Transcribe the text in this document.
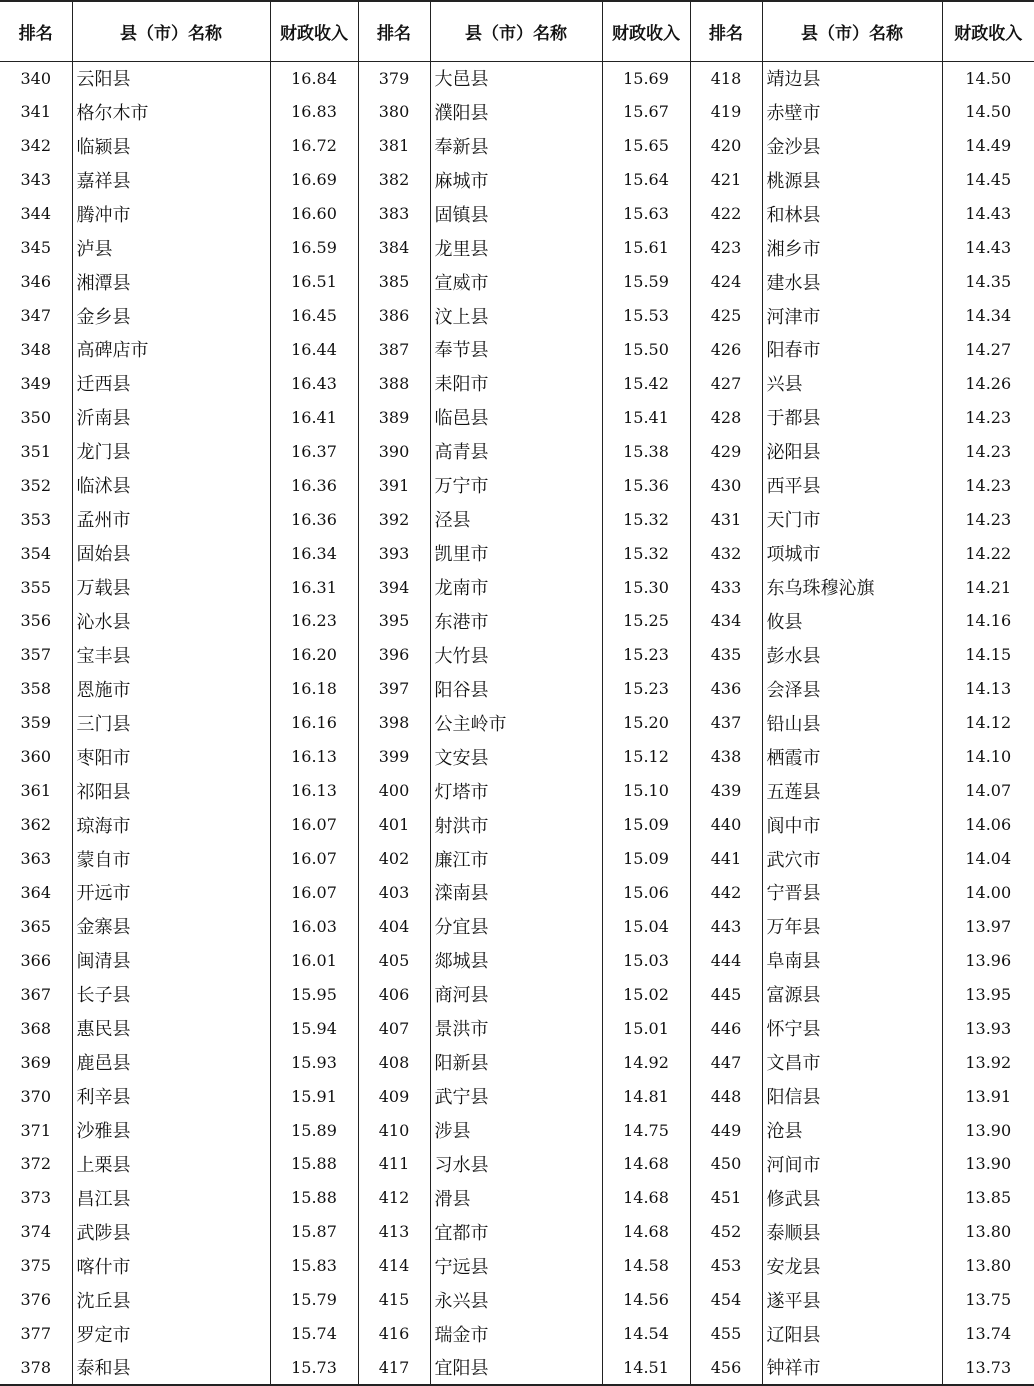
排名	县（市）名称	财政收入	排名	县（市）名称	财政收入	排名	县（市）名称	财政收入
340	云阳县	16.84	379	大邑县	15.69	418	靖边县	14.50
341	格尔木市	16.83	380	濮阳县	15.67	419	赤壁市	14.50
342	临颍县	16.72	381	奉新县	15.65	420	金沙县	14.49
343	嘉祥县	16.69	382	麻城市	15.64	421	桃源县	14.45
344	腾冲市	16.60	383	固镇县	15.63	422	和林县	14.43
345	泸县	16.59	384	龙里县	15.61	423	湘乡市	14.43
346	湘潭县	16.51	385	宣威市	15.59	424	建水县	14.35
347	金乡县	16.45	386	汶上县	15.53	425	河津市	14.34
348	高碑店市	16.44	387	奉节县	15.50	426	阳春市	14.27
349	迁西县	16.43	388	耒阳市	15.42	427	兴县	14.26
350	沂南县	16.41	389	临邑县	15.41	428	于都县	14.23
351	龙门县	16.37	390	高青县	15.38	429	泌阳县	14.23
352	临沭县	16.36	391	万宁市	15.36	430	西平县	14.23
353	孟州市	16.36	392	泾县	15.32	431	天门市	14.23
354	固始县	16.34	393	凯里市	15.32	432	项城市	14.22
355	万载县	16.31	394	龙南市	15.30	433	东乌珠穆沁旗	14.21
356	沁水县	16.23	395	东港市	15.25	434	攸县	14.16
357	宝丰县	16.20	396	大竹县	15.23	435	彭水县	14.15
358	恩施市	16.18	397	阳谷县	15.23	436	会泽县	14.13
359	三门县	16.16	398	公主岭市	15.20	437	铅山县	14.12
360	枣阳市	16.13	399	文安县	15.12	438	栖霞市	14.10
361	祁阳县	16.13	400	灯塔市	15.10	439	五莲县	14.07
362	琼海市	16.07	401	射洪市	15.09	440	阆中市	14.06
363	蒙自市	16.07	402	廉江市	15.09	441	武穴市	14.04
364	开远市	16.07	403	滦南县	15.06	442	宁晋县	14.00
365	金寨县	16.03	404	分宜县	15.04	443	万年县	13.97
366	闽清县	16.01	405	郯城县	15.03	444	阜南县	13.96
367	长子县	15.95	406	商河县	15.02	445	富源县	13.95
368	惠民县	15.94	407	景洪市	15.01	446	怀宁县	13.93
369	鹿邑县	15.93	408	阳新县	14.92	447	文昌市	13.92
370	利辛县	15.91	409	武宁县	14.81	448	阳信县	13.91
371	沙雅县	15.89	410	涉县	14.75	449	沧县	13.90
372	上栗县	15.88	411	习水县	14.68	450	河间市	13.90
373	昌江县	15.88	412	滑县	14.68	451	修武县	13.85
374	武陟县	15.87	413	宜都市	14.68	452	泰顺县	13.80
375	喀什市	15.83	414	宁远县	14.58	453	安龙县	13.80
376	沈丘县	15.79	415	永兴县	14.56	454	遂平县	13.75
377	罗定市	15.74	416	瑞金市	14.54	455	辽阳县	13.74
378	泰和县	15.73	417	宜阳县	14.51	456	钟祥市	13.73
